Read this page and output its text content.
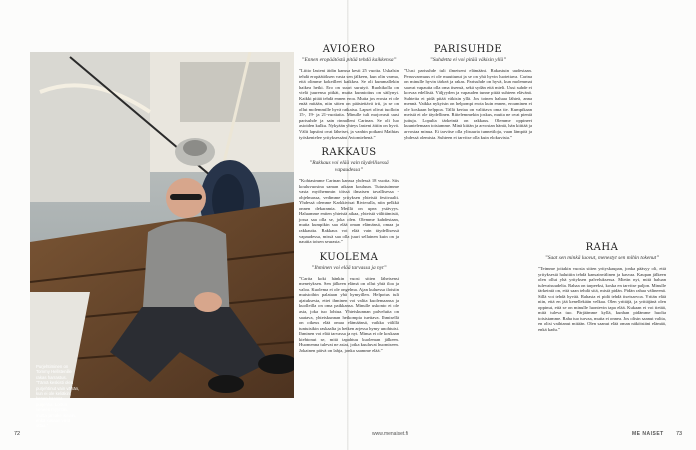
Purjehtiminen on Tommy Hellstenille rakas harrastus. "Tämä keskisti olen purjehtinut vain vähän, kun ei ole keliäkin, kenen kanssa purjehtia. Loitsin, veneen myyntiin, mutta jamake ikivain, ehkä kukaan vielä ottaa."
AVIOERO
”Ennen eropäätöstä pitää tehdä kaikkensa”

”Liitto Iasteni äidin kanssa kesti 25 vuotta. Uskalsin tehdä eropäätöksen vasta sen jälkeen, kun olin varma, että olimme kokeilleet kaikkea. Se oli kummallekin haikea hetki. Ero on suuri surutyö. Ruohikolla on vielä juurensa pitkät, mutta kunnioitus on säilynyt. Kaikki pitää tehdä ennen eroa. Mutta jos erosta ei ole enää mitään, niin sitten on päästettävä irti, ja se on ollut molemmille hyvä ratkaisu. Lapset olivat tuolloin 15-, 19- ja 21-vuotiaita. Minulle tuli mojovasti uusi parisuhde ja sain rinnalleni Carinan. Se oli luo asioiden kulku. Nykyään yhteys lasteni äitiin on hyvä. Välit lapsiini ovat läheiset, ja vanhin poikani Mathias työskentelee yrityksessäni Aviomiehenä.”

RAKKAUS
”Rakkaus voi elää vain täydellisessä vapaudessa”

”Kohtasimme Carinan kanssa yhdessä 18 vuotta. Siis kouluvuosina saman aikaan kouluun. Tutustuimme vasta myöhemmin töissä ilmaisen tavallisessa -ohjelmassa, vedimme yrityksen yhteisiä festivaalit. Yhdessä olemme Karkkivisat Rivieralla, niin pelkkä onnen dekaramia. Meillä on upea ystävyys. Haluamme eniten yhteistä aikaa, yhteistä välittämistä, jossa saa olla se, joka olen. Olemme kahdestaan, mutta kumpikin saa elää oman elämänsä, omaa ja rakkautta. Rakkaus voi elää vain täydellisessä vapaudessa, missä saa olla juuri sellainen kuin on ja nauttia toisen seurasta.”

KUOLEMA
”Ihminen voi elää tarvassa ja nyt”

”Carita koki hänkin vuosi sitten läheisensi menetyksen. Sen jälkeen elämä on ollut yhtä iloa ja valoa. Kuolema ei ole ongelma. Ajan kuluessa iloisiin muistoihin palataan yhä hymyillen. Helpotus tuli ajatuksesta, ettei ihminen voi valita kuolemaansa ja kuolleilla on oma paikkansa. Minulle uskonto ei ole asia, joka tuo lohtua. Yhteiskunnan palveluita on saatava, yhteiskunnan heikompia tuettava. Ihmisellä on oikeus elää omaa elämäänsä, vaikka välillä tuntuisikin raskaalta ja hetken arjessa hymy unohtuisi. Ihminen voi elää tarvassa ja nyt. Minua ei ole koskaan kiehtonut se, mitä tapahtuu kuoleman jälkeen. Huomenna tulevat ne asiat, jotka kuuluvat huomiseen. Jokainen päivä on lahja, jonka saamme elää.”

PARISUHDE
”Suhdetta ei voi pitää väkisin yllä”

”Uusi parisuhde tuli ilmeiseni elämääni. Rakastuin uudestaan. Perusvarmuus ei ole muuttunut ja se on yhä hyvin luotettava. Carina on minulle hyvin tärkeä ja rakas. Parisuhde on hyvä, kun molemmat saavat vapautta olla oma itsensä, sekä sydän että mieli. Uusi suhde ei korvaa edellistä. Väljyyden ja vapauden tunne pitää suhteen elävänä. Suhteita ei pidä pitää väkisin yllä. Jos toinen haluaa lähteä, anna mennä. Vaikka nykyisin on helpompi erota kuin ennen, eroaminen ei ole koskaan helppoa. Tällä kertaa on valittava oma tie. Kumpikaan meistä ei ole täydellinen. Riitelemmekin joskus, mutta ne ovat pieniä juttuja. Lopulta tärkeintä on rakkaus. Olemme oppineet kuuntelemaan toisiamme. Minä kiitän ja arvostan häntä, hän kiittää ja arvostaa minua. Ei tarvitse olla ylisuuria tunnetiloja, vaan lämpöä ja yhdessä olemista. Suhteen ei tarvitse olla kuin elokuvista.”

RAHA
”Saat sen minkä luovut, menestyt sen mihin tokenut”

”Teimme joitakin vuosia sitten yrityskaupan, jonka pääsyy oli, että yrityksestä haluttiin tehdä kansainvälinen ja kasvaa. Kaupan jälkeen olen ollut yhä yrityksen palveluksessa. Mietin nyt, mitä haluan tulevaisuudelta. Rahaa on tarpeeksi, koska en tarvitse paljon. Minulle tärkeintä on, että saan tehdä sitä, mistä pidän. Pidän rahaa välineenä. Sillä voi tehdä hyvää. Rahasta ei pidä tehdä itseisarvoa. Yritän elää niin, että en jää kenellekään velkaa. Olen yrittäjä, ja yrittäjänä olen oppinut, että se on minulle luontevin tapa elää. Kukaan ei voi tietää, mitä tuleva tuo. Pärjäämme kyllä, kunhan pidämme huolta toisistamme. Raha tuo turvaa, mutta ei onnea. Jos olisin saanut valita, en olisi vaihtanut mitään. Olen saanut elää oman näköistäni elämää, enkä kadu.”

72	www.menaiset.fi	ME NAISET 73
